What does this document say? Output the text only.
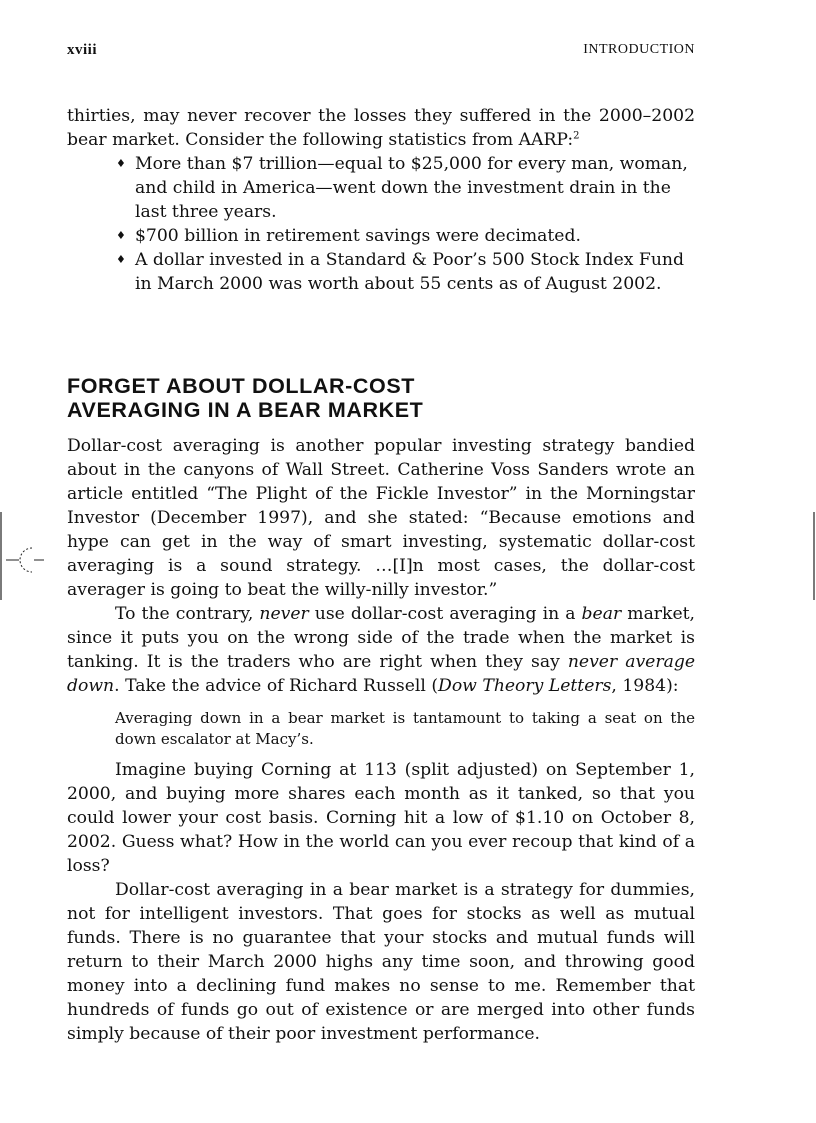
xviii	INTRODUCTION

thirties, may never recover the losses they suffered in the 2000–2002 bear market. Consider the following statistics from AARP:$^2$

♦ More than $7 trillion—equal to $25,000 for every man, woman, and child in America—went down the investment drain in the last three years.
♦ $700 billion in retirement savings were decimated.
♦ A dollar invested in a Standard & Poor’s 500 Stock Index Fund in March 2000 was worth about 55 cents as of August 2002.
FORGET ABOUT DOLLAR-COST
AVERAGING IN A BEAR MARKET

Dollar-cost averaging is another popular investing strategy bandied about in the canyons of Wall Street. Catherine Voss Sanders wrote an article entitled “The Plight of the Fickle Investor” in the Morningstar Investor (December 1997), and she stated: “Because emotions and hype can get in the way of smart investing, systematic dollar-cost averaging is a sound strategy. …[I]n most cases, the dollar-cost averager is going to beat the willy-nilly investor.”

To the contrary, never use dollar-cost averaging in a bear market, since it puts you on the wrong side of the trade when the market is tanking. It is the traders who are right when they say never average down. Take the advice of Richard Russell (Dow Theory Letters, 1984):

Averaging down in a bear market is tantamount to taking a seat on the down escalator at Macy’s.

Imagine buying Corning at 113 (split adjusted) on September 1, 2000, and buying more shares each month as it tanked, so that you could lower your cost basis. Corning hit a low of $1.10 on October 8, 2002. Guess what? How in the world can you ever recoup that kind of a loss?

Dollar-cost averaging in a bear market is a strategy for dummies, not for intelligent investors. That goes for stocks as well as mutual funds. There is no guarantee that your stocks and mutual funds will return to their March 2000 highs any time soon, and throwing good money into a declining fund makes no sense to me. Remember that hundreds of funds go out of existence or are merged into other funds simply because of their poor investment performance.
